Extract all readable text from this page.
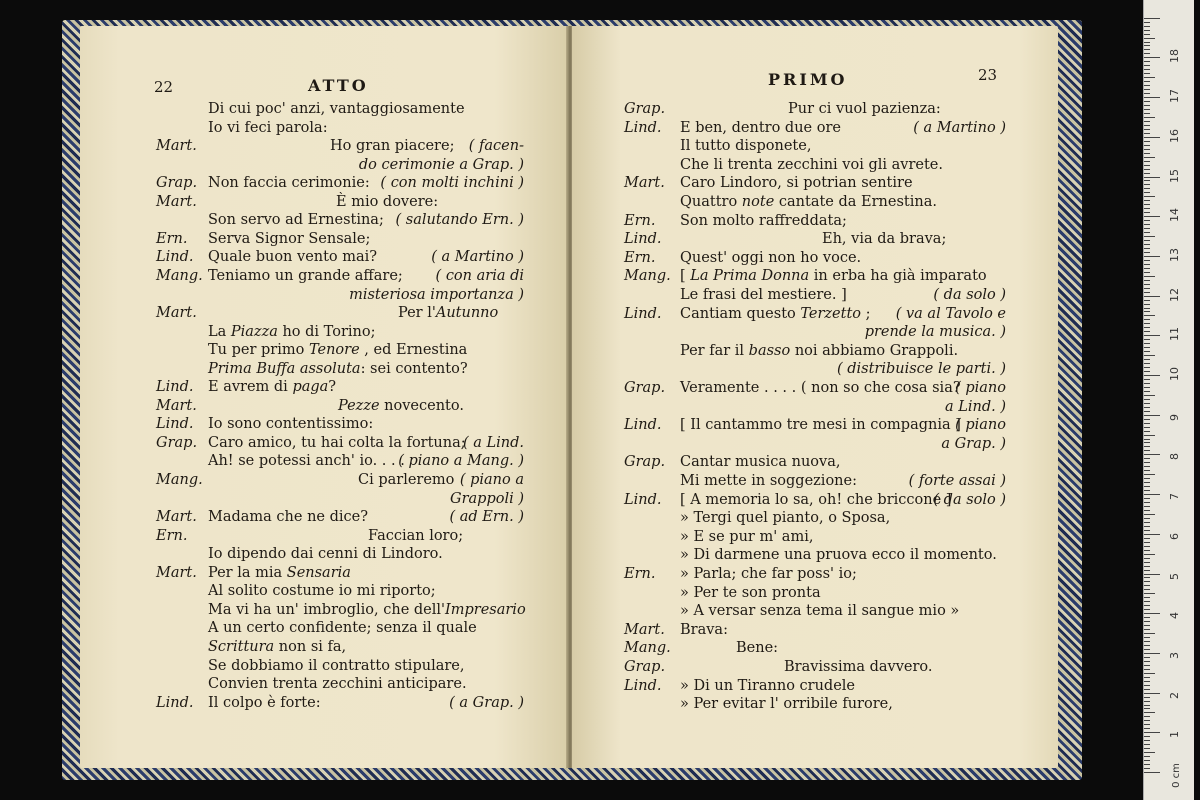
22	ATTO
Di cui poc' anzi, vantaggiosamente
Io vi feci parola:
Mart.	Ho gran piacere; ( facen-
do cerimonie a Grap. )
Grap. Non faccia cerimonie: ( con molti inchini )
Mart.	È mio dovere:
Son servo ad Ernestina; ( salutando Ern. )
Ern. Serva Signor Sensale;
Lind. Quale buon vento mai?	( a Martino )
Mang. Teniamo un grande affare; ( con aria di
misteriosa importanza )
Mart.	Per l'Autunno
La Piazza ho di Torino;
Tu per primo Tenore , ed Ernestina
Prima Buffa assoluta: sei contento?
Lind. E avrem di paga?
Mart.	Pezze novecento.
Lind. Io sono contentissimo:
Grap. Caro amico, tu hai colta la fortuna;
( a Lind.
Ah! se potessi anch' io. . . .
( piano a Mang. )
Mang.	Ci parleremo ( piano a
Grappoli )
Mart. Madama che ne dice?	( ad Ern. )
Ern.	Faccian loro;
Io dipendo dai cenni di Lindoro.
Mart. Per la mia Sensaria
Al solito costume io mi riporto;
Ma vi ha un' imbroglio, che dell'Impresario
A un certo confidente; senza il quale
Scrittura non si fa,
Se dobbiamo il contratto stipulare,
Convien trenta zecchini anticipare.
Lind. Il colpo è forte:	( a Grap. )
PRIMO	23
Grap.	Pur ci vuol pazienza:
Lind. E ben, dentro due ore	( a Martino )
Il tutto disponete,
Che li trenta zecchini voi gli avrete.
Mart. Caro Lindoro, si potrian sentire
Quattro note cantate da Ernestina.
Ern. Son molto raffreddata;
Lind.	Eh, via da brava;
Ern. Quest' oggi non ho voce.
Mang. [ La Prima Donna in erba ha già imparato
Le frasi del mestiere. ]	( da solo )
Lind. Cantiam questo Terzetto ; ( va al Tavolo e
prende la musica. )
Per far il basso noi abbiamo Grappoli.
( distribuisce le parti. )
Grap. Veramente . . . . ( non so che cosa sia?
( piano
a Lind. )
Lind. [ Il cantammo tre mesi in compagnia ]
( piano
a Grap. )
Grap. Cantar musica nuova,
Mi mette in soggezione:	( forte assai )
Lind. [ A memoria lo sa, oh! che briccone ]
( da solo )
» Tergi quel pianto, o Sposa,
» E se pur m' ami,
» Di darmene una pruova ecco il momento.
Ern. » Parla; che far poss' io;
» Per te son pronta
» A versar senza tema il sangue mio »
Mart. Brava:
Mang.	Bene:
Grap.	Bravissima davvero.
Lind. » Di un Tiranno crudele
» Per evitar l' orribile furore,
0 cm
1
2
3
4
5
6
7
8
9
10
11
12
13
14
15
16
17
18
